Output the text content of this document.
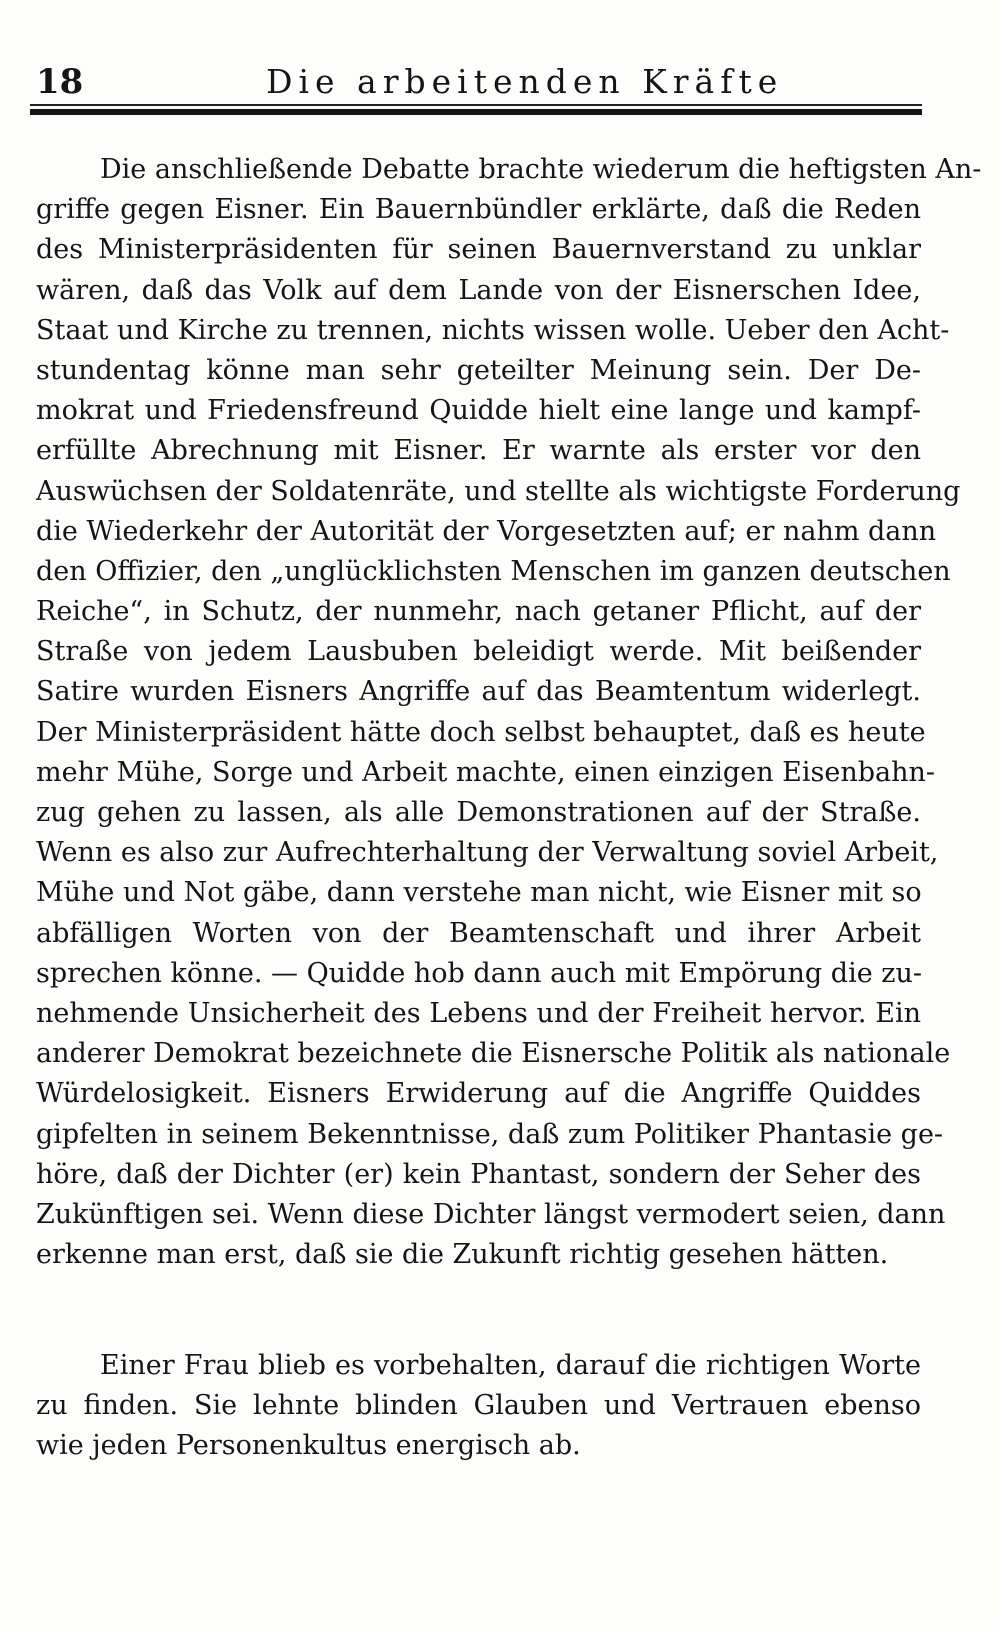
18	Die arbeitenden Kräfte
Die anschließende Debatte brachte wiederum die heftigsten An-
griffe gegen Eisner. Ein Bauernbündler erklärte, daß die Reden
des Ministerpräsidenten für seinen Bauernverstand zu unklar
wären, daß das Volk auf dem Lande von der Eisnerschen Idee,
Staat und Kirche zu trennen, nichts wissen wolle. Ueber den Acht-
stundentag könne man sehr geteilter Meinung sein. Der De-
mokrat und Friedensfreund Quidde hielt eine lange und kampf-
erfüllte Abrechnung mit Eisner. Er warnte als erster vor den
Auswüchsen der Soldatenräte, und stellte als wichtigste Forderung
die Wiederkehr der Autorität der Vorgesetzten auf; er nahm dann
den Offizier, den „unglücklichsten Menschen im ganzen deutschen
Reiche“, in Schutz, der nunmehr, nach getaner Pflicht, auf der
Straße von jedem Lausbuben beleidigt werde. Mit beißender
Satire wurden Eisners Angriffe auf das Beamtentum widerlegt.
Der Ministerpräsident hätte doch selbst behauptet, daß es heute
mehr Mühe, Sorge und Arbeit machte, einen einzigen Eisenbahn-
zug gehen zu lassen, als alle Demonstrationen auf der Straße.
Wenn es also zur Aufrechterhaltung der Verwaltung soviel Arbeit,
Mühe und Not gäbe, dann verstehe man nicht, wie Eisner mit so
abfälligen Worten von der Beamtenschaft und ihrer Arbeit
sprechen könne. — Quidde hob dann auch mit Empörung die zu-
nehmende Unsicherheit des Lebens und der Freiheit hervor. Ein
anderer Demokrat bezeichnete die Eisnersche Politik als nationale
Würdelosigkeit. Eisners Erwiderung auf die Angriffe Quiddes
gipfelten in seinem Bekenntnisse, daß zum Politiker Phantasie ge-
höre, daß der Dichter (er) kein Phantast, sondern der Seher des
Zukünftigen sei. Wenn diese Dichter längst vermodert seien, dann
erkenne man erst, daß sie die Zukunft richtig gesehen hätten.
Einer Frau blieb es vorbehalten, darauf die richtigen Worte
zu finden. Sie lehnte blinden Glauben und Vertrauen ebenso
wie jeden Personenkultus energisch ab.
